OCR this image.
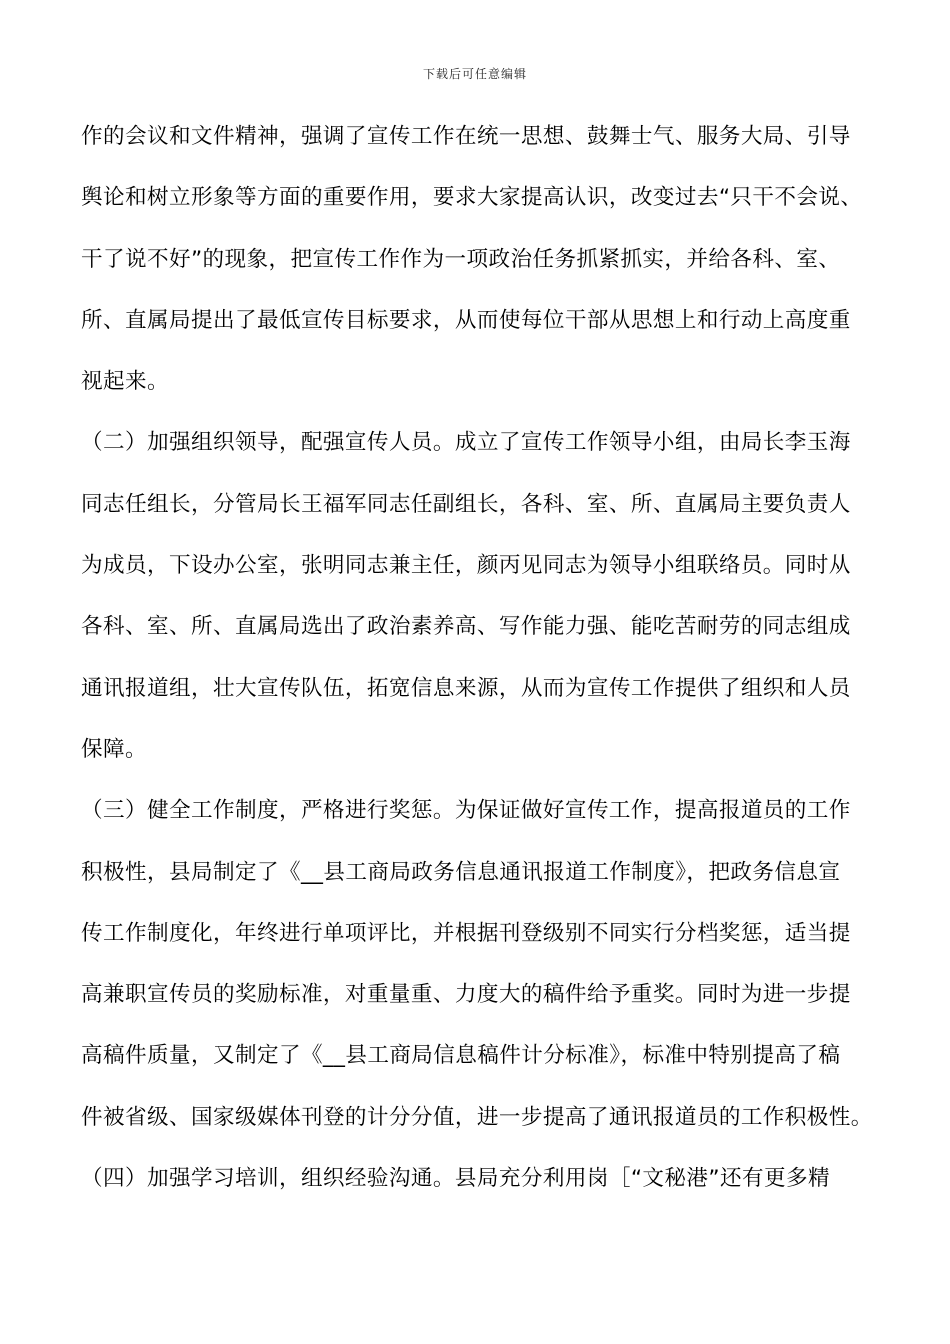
下载后可任意编辑
作的会议和文件精神，强调了宣传工作在统一思想、鼓舞士气、服务大局、引导
舆论和树立形象等方面的重要作用，要求大家提高认识，改变过去“只干不会说、
干了说不好”的现象，把宣传工作作为一项政治任务抓紧抓实，并给各科、室、
所、直属局提出了最低宣传目标要求，从而使每位干部从思想上和行动上高度重
视起来。
（二）加强组织领导，配强宣传人员。成立了宣传工作领导小组，由局长李玉海
同志任组长，分管局长王福军同志任副组长，各科、室、所、直属局主要负责人
为成员，下设办公室，张明同志兼主任，颜丙见同志为领导小组联络员。同时从
各科、室、所、直属局选出了政治素养高、写作能力强、能吃苦耐劳的同志组成
通讯报道组，壮大宣传队伍，拓宽信息来源，从而为宣传工作提供了组织和人员
保障。
（三）健全工作制度，严格进行奖惩。为保证做好宣传工作，提高报道员的工作
积极性，县局制定了《__县工商局政务信息通讯报道工作制度》，把政务信息宣
传工作制度化，年终进行单项评比，并根据刊登级别不同实行分档奖惩，适当提
高兼职宣传员的奖励标准，对重量重、力度大的稿件给予重奖。同时为进一步提
高稿件质量，又制定了《__县工商局信息稿件计分标准》，标准中特别提高了稿
件被省级、国家级媒体刊登的计分分值，进一步提高了通讯报道员的工作积极性。
（四）加强学习培训，组织经验沟通。县局充分利用岗［“文秘港”还有更多精
